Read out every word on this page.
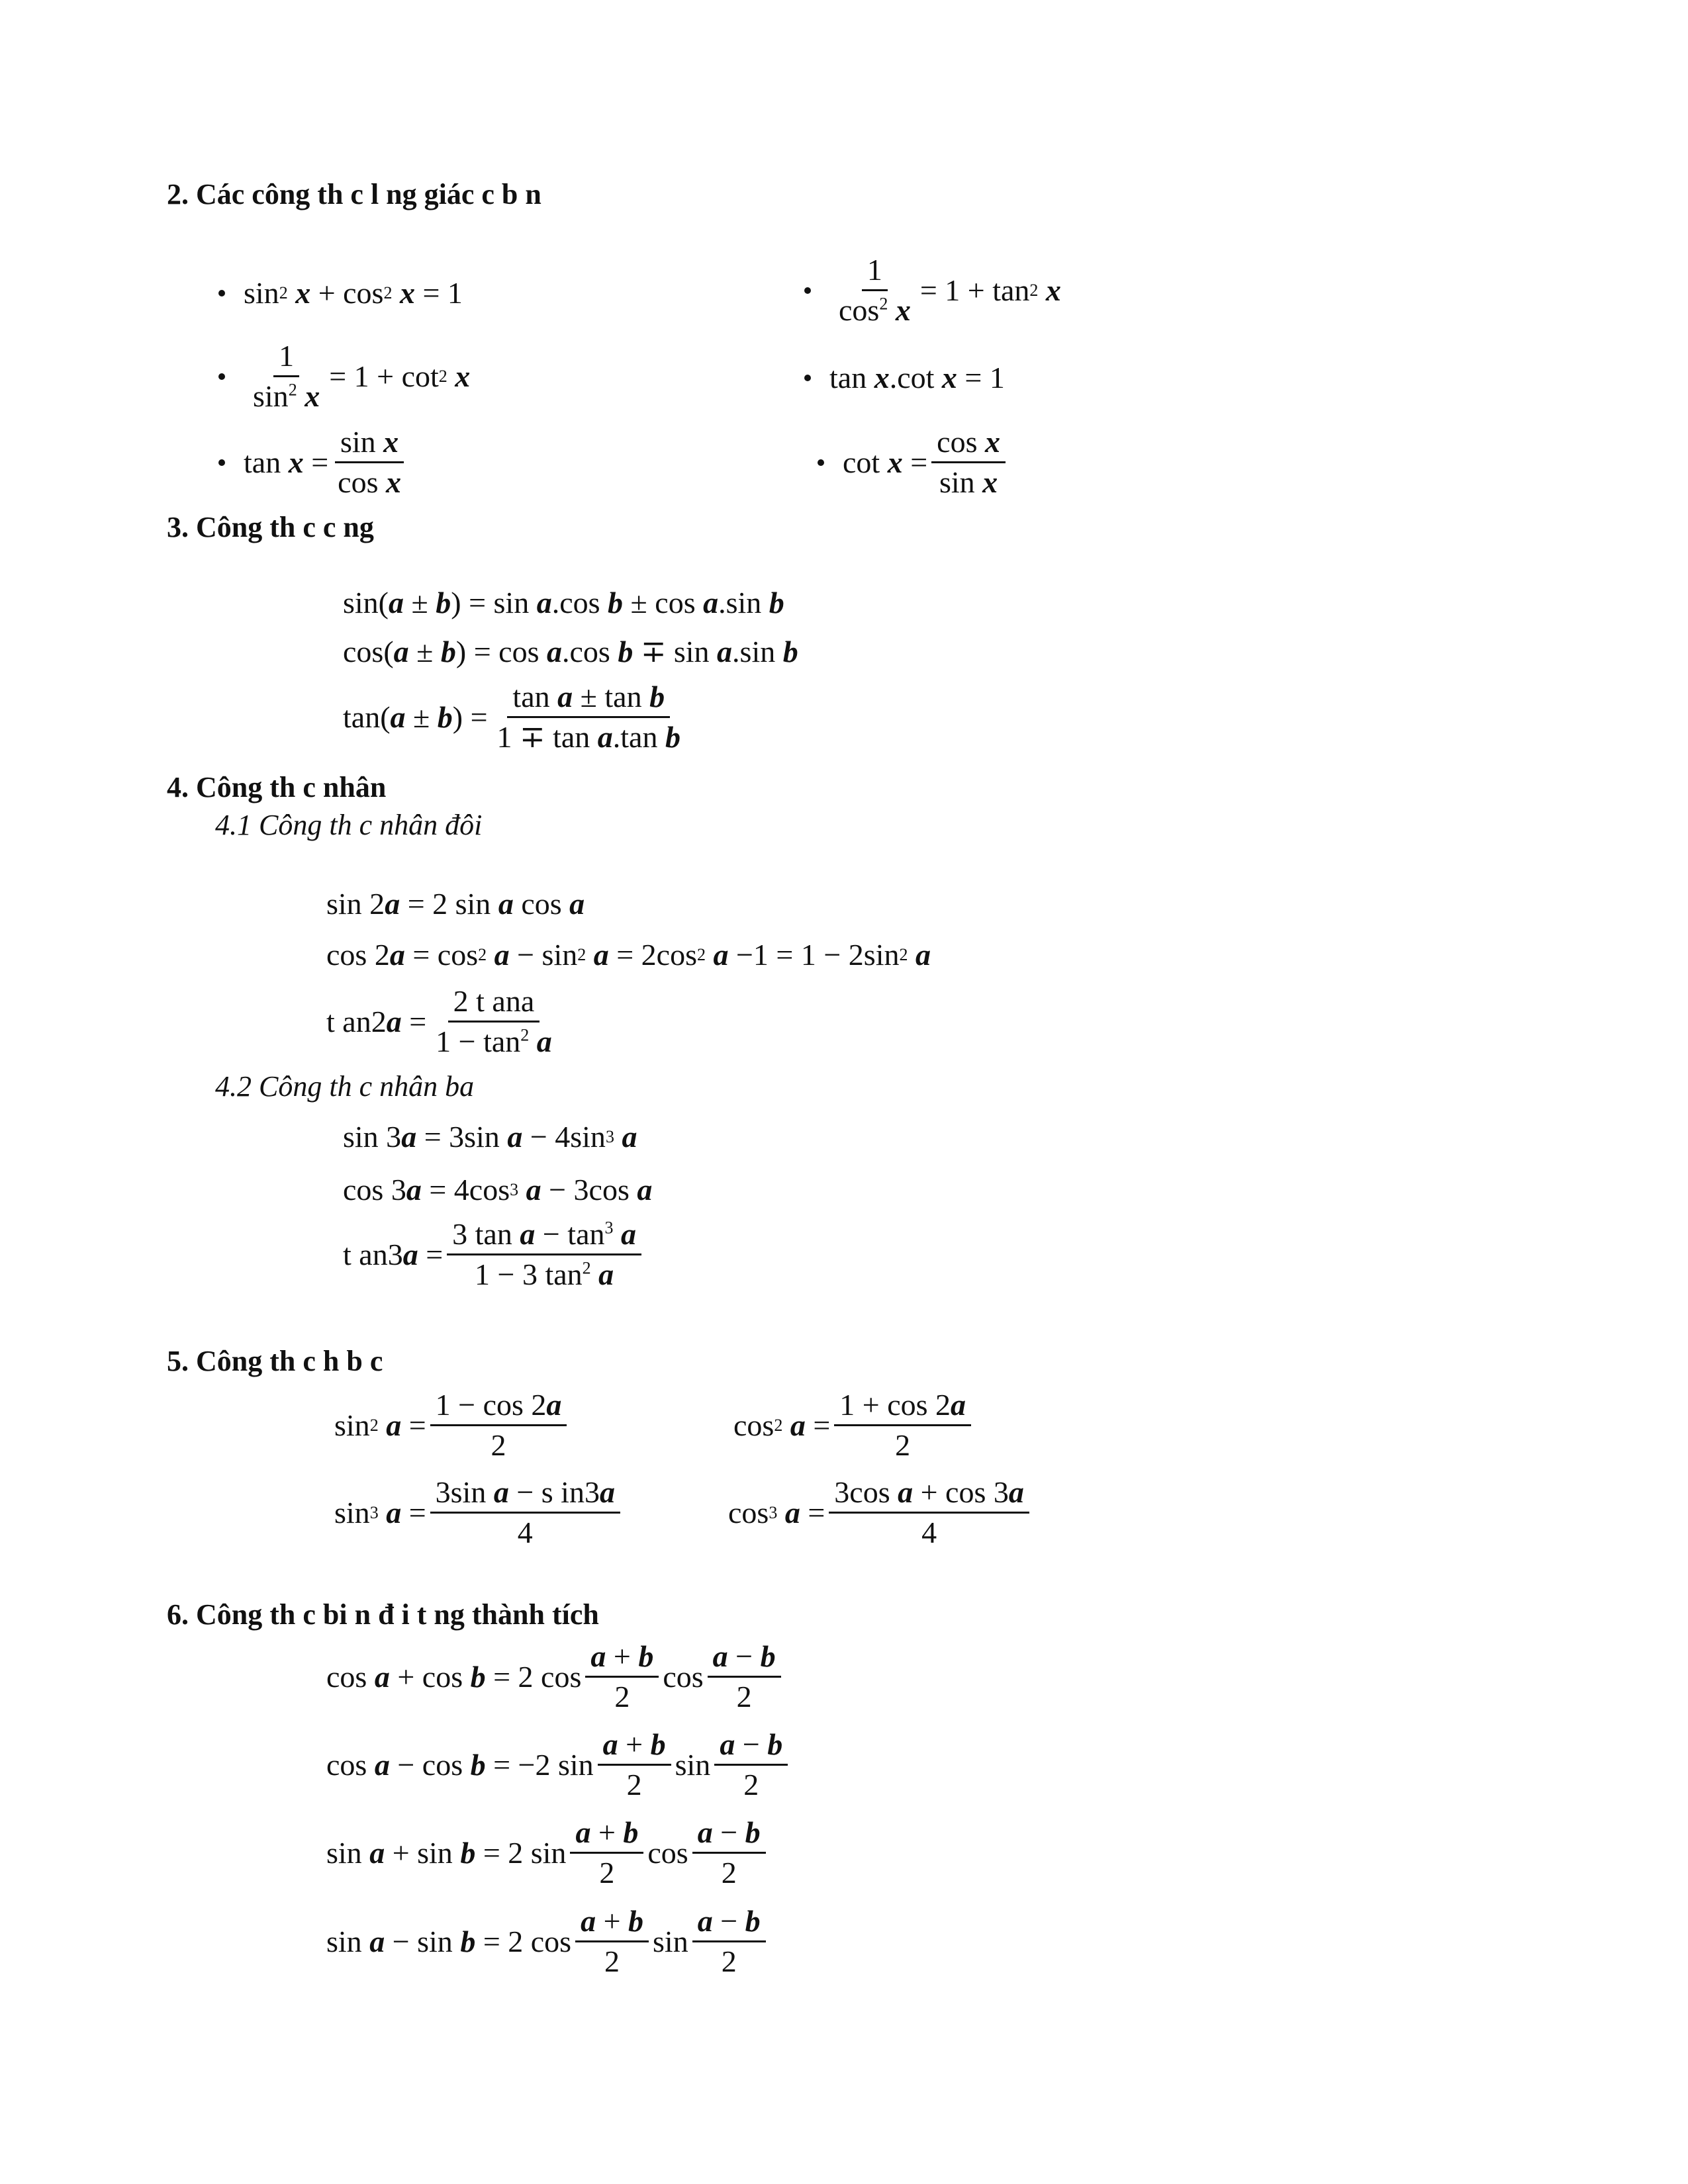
2. Các công th c l ng giác c b n
sin 2
x + cos 2
x = 1	$\frac{1}{\cos^2 x} = 1 + \tan 2$
x
$\frac{1}{\sin^2 x} = 1 + \cot 2$
x	tan x .cot x = 1
$\tan x = \frac{\text{sin x}}{\text{cos x}}$	$\cot x = \frac{\text{cos x}}{\text{sin x}}$
3. Công th c c ng
sin( a ± b ) = sin a .cos b ± cos a .sin b
cos( a ± b ) = cos a .cos b ∓ sin a .sin b
tan( a ± b ) = $\frac{\text{tan a ± tan b}}{\text{1 ∓ tan a.tan b}}$
4. Công th c nhân
4.1 Công th c nhân đôi
sin 2 a = 2 sin a cos a
cos 2 a = cos 2
a − sin 2
a = 2cos 2
a −1 = 1 − 2sin 2
a
t an2 $a = \frac{\text{2 t ana}}{1 - \tan^2 a}$
4.2 Công th c nhân ba
sin 3 a = 3sin a − 4sin 3
a
cos 3 a = 4cos 3
a − 3cos a
t an3 $a = \frac{3 \tan a - \tan^3 a}{1 - 3 \tan^2 a}$
5. Công th c h b c
sin 2
$a = \frac{1 - \cos 2a}{2}$	cos 2
$a = \frac{1 + \cos 2a}{2}$
sin 3
$a = \frac{\text{3sin a − s in3a}}{4}$	cos 3
$a = \frac{\text{3cos a + cos 3a}}{4}$
6. Công th c bi n đ i t ng thành tích
cos a + cos b = 2 $\cos \frac{a + b}{2}$ $\cos \frac{a - b}{2}$
cos a − cos b = −2 $\sin \frac{a + b}{2}$ $\sin \frac{a - b}{2}$
sin a + sin b = 2 $\sin \frac{a + b}{2}$ $\cos \frac{a - b}{2}$
sin a − sin b = 2 $\cos \frac{a + b}{2}$ $\sin \frac{a - b}{2}$
